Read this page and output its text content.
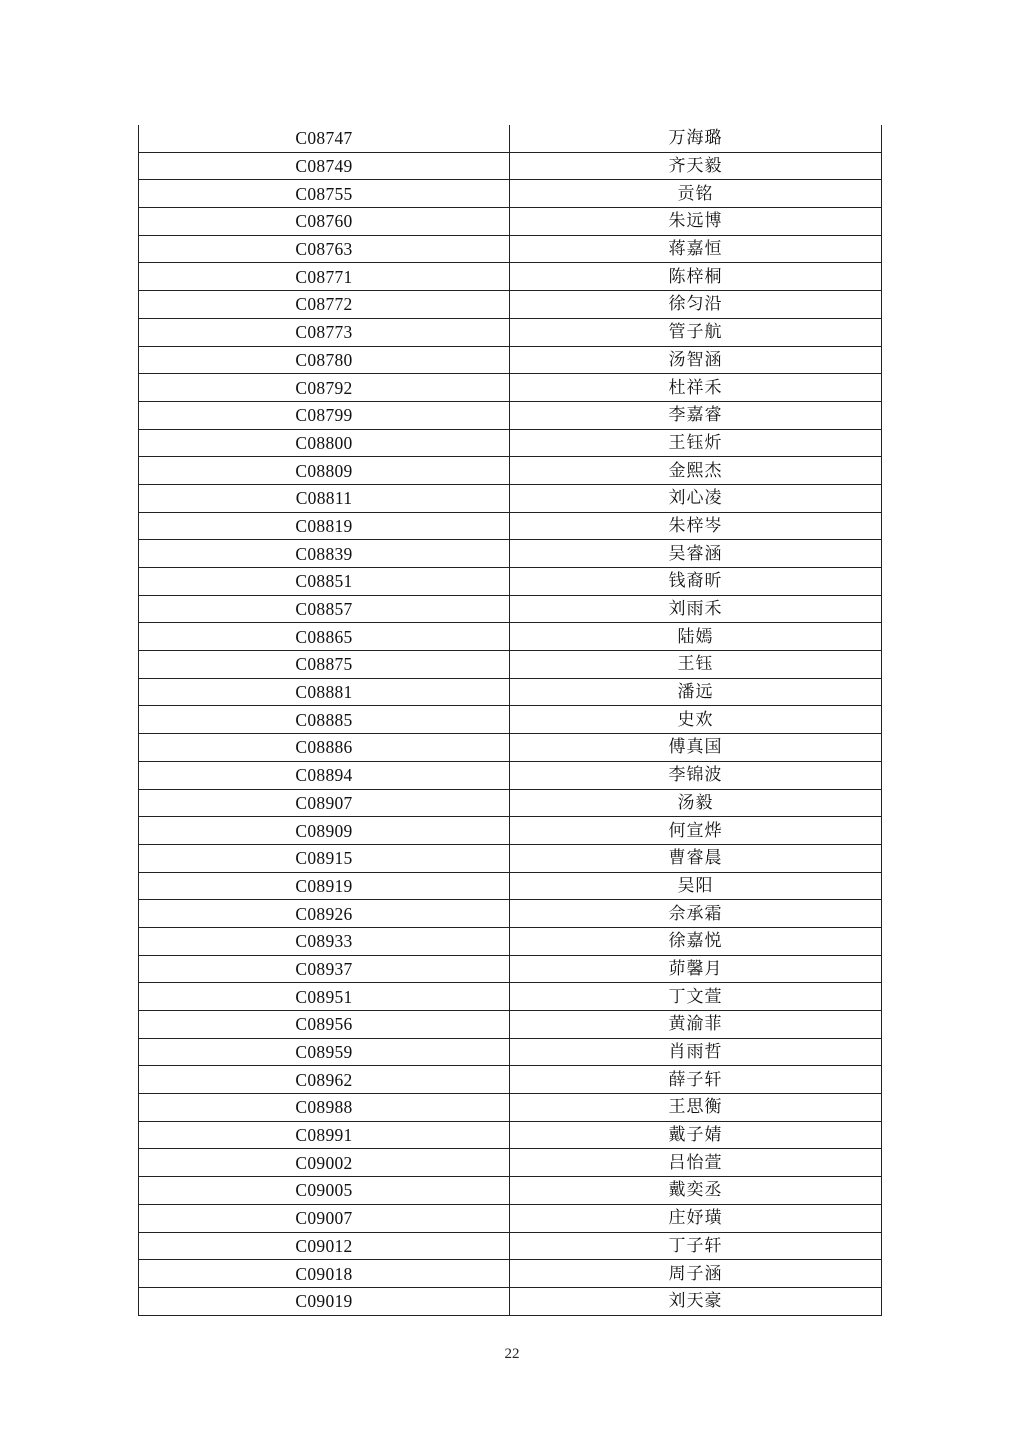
C08747	万海璐
C08749	齐天毅
C08755	贡铭
C08760	朱远博
C08763	蒋嘉恒
C08771	陈梓桐
C08772	徐匀沿
C08773	管子航
C08780	汤智涵
C08792	杜祥禾
C08799	李嘉睿
C08800	王钰炘
C08809	金熙杰
C08811	刘心凌
C08819	朱梓岑
C08839	吴睿涵
C08851	钱裔昕
C08857	刘雨禾
C08865	陆嫣
C08875	王钰
C08881	潘远
C08885	史欢
C08886	傅真国
C08894	李锦波
C08907	汤毅
C08909	何宣烨
C08915	曹睿晨
C08919	吴阳
C08926	佘承霜
C08933	徐嘉悦
C08937	茆馨月
C08951	丁文萱
C08956	黄渝菲
C08959	肖雨哲
C08962	薛子轩
C08988	王思衡
C08991	戴子婧
C09002	吕怡萱
C09005	戴奕丞
C09007	庄妤璜
C09012	丁子轩
C09018	周子涵
C09019	刘天豪
22
